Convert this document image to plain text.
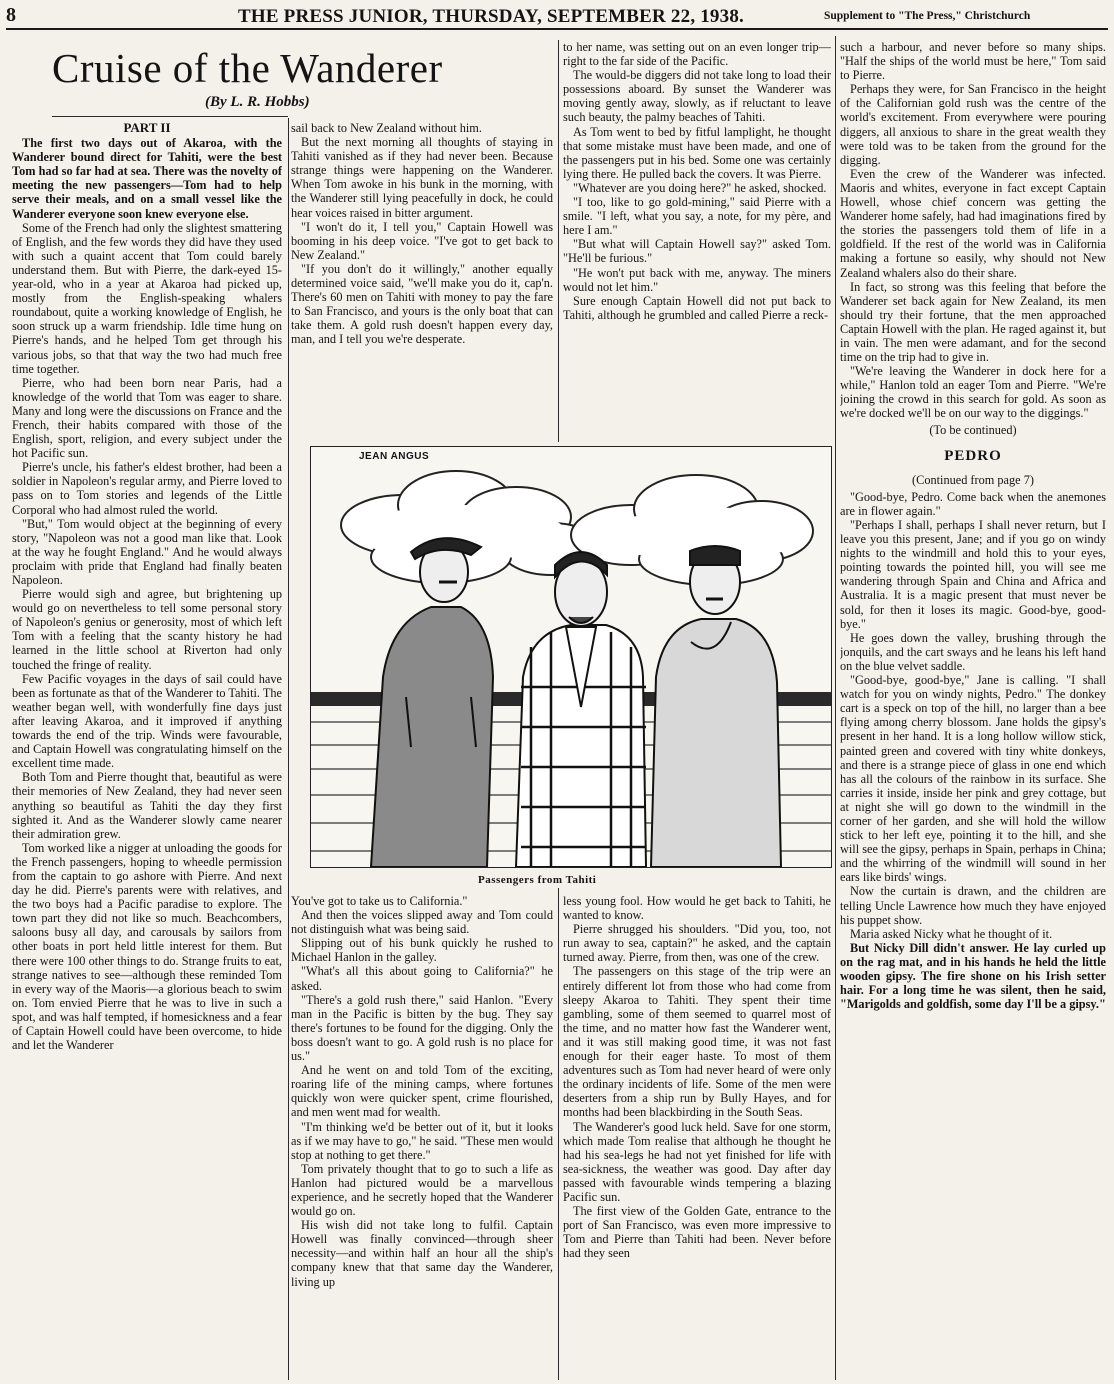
8	THE PRESS JUNIOR, THURSDAY, SEPTEMBER 22, 1938.	Supplement to "The Press," Christchurch
Cruise of the Wanderer
(By L. R. Hobbs)
PART II

The first two days out of Akaroa, with the Wanderer bound direct for Tahiti, were the best Tom had so far had at sea. There was the novelty of meeting the new passengers—Tom had to help serve their meals, and on a small vessel like the Wanderer everyone soon knew everyone else.

Some of the French had only the slightest smattering of English, and the few words they did have they used with such a quaint accent that Tom could barely understand them. But with Pierre, the dark-eyed 15-year-old, who in a year at Akaroa had picked up, mostly from the English-speaking whalers roundabout, quite a working knowledge of English, he soon struck up a warm friendship. Idle time hung on Pierre's hands, and he helped Tom get through his various jobs, so that that way the two had much free time together.

Pierre, who had been born near Paris, had a knowledge of the world that Tom was eager to share. Many and long were the discussions on France and the French, their habits compared with those of the English, sport, religion, and every subject under the hot Pacific sun.

Pierre's uncle, his father's eldest brother, had been a soldier in Napoleon's regular army, and Pierre loved to pass on to Tom stories and legends of the Little Corporal who had almost ruled the world.

"But," Tom would object at the beginning of every story, "Napoleon was not a good man like that. Look at the way he fought England." And he would always proclaim with pride that England had finally beaten Napoleon.

Pierre would sigh and agree, but brightening up would go on nevertheless to tell some personal story of Napoleon's genius or generosity, most of which left Tom with a feeling that the scanty history he had learned in the little school at Riverton had only touched the fringe of reality.

Few Pacific voyages in the days of sail could have been as fortunate as that of the Wanderer to Tahiti. The weather began well, with wonderfully fine days just after leaving Akaroa, and it improved if anything towards the end of the trip. Winds were favourable, and Captain Howell was congratulating himself on the excellent time made.

Both Tom and Pierre thought that, beautiful as were their memories of New Zealand, they had never seen anything so beautiful as Tahiti the day they first sighted it. And as the Wanderer slowly came nearer their admiration grew.

Tom worked like a nigger at unloading the goods for the French passengers, hoping to wheedle permission from the captain to go ashore with Pierre. And next day he did. Pierre's parents were with relatives, and the two boys had a Pacific paradise to explore. The town part they did not like so much. Beachcombers, saloons busy all day, and carousals by sailors from other boats in port held little interest for them. But there were 100 other things to do. Strange fruits to eat, strange natives to see—although these reminded Tom in every way of the Maoris—a glorious beach to swim on. Tom envied Pierre that he was to live in such a spot, and was half tempted, if homesickness and a fear of Captain Howell could have been overcome, to hide and let the Wanderer

sail back to New Zealand without him.

But the next morning all thoughts of staying in Tahiti vanished as if they had never been. Because strange things were happening on the Wanderer. When Tom awoke in his bunk in the morning, with the Wanderer still lying peacefully in dock, he could hear voices raised in bitter argument.

"I won't do it, I tell you," Captain Howell was booming in his deep voice. "I've got to get back to New Zealand."

"If you don't do it willingly," another equally determined voice said, "we'll make you do it, cap'n. There's 60 men on Tahiti with money to pay the fare to San Francisco, and yours is the only boat that can take them. A gold rush doesn't happen every day, man, and I tell you we're desperate.

to her name, was setting out on an even longer trip—right to the far side of the Pacific.

The would-be diggers did not take long to load their possessions aboard. By sunset the Wanderer was moving gently away, slowly, as if reluctant to leave such beauty, the palmy beaches of Tahiti.

As Tom went to bed by fitful lamplight, he thought that some mistake must have been made, and one of the passengers put in his bed. Some one was certainly lying there. He pulled back the covers. It was Pierre.

"Whatever are you doing here?" he asked, shocked.

"I too, like to go gold-mining," said Pierre with a smile. "I left, what you say, a note, for my père, and here I am."

"But what will Captain Howell say?" asked Tom. "He'll be furious."

"He won't put back with me, anyway. The miners would not let him."

Sure enough Captain Howell did not put back to Tahiti, although he grumbled and called Pierre a reck-

JEAN ANGUS
Passengers from Tahiti

You've got to take us to California."

And then the voices slipped away and Tom could not distinguish what was being said.

Slipping out of his bunk quickly he rushed to Michael Hanlon in the galley.

"What's all this about going to California?" he asked.

"There's a gold rush there," said Hanlon. "Every man in the Pacific is bitten by the bug. They say there's fortunes to be found for the digging. Only the boss doesn't want to go. A gold rush is no place for us."

And he went on and told Tom of the exciting, roaring life of the mining camps, where fortunes quickly won were quicker spent, crime flourished, and men went mad for wealth.

"I'm thinking we'd be better out of it, but it looks as if we may have to go," he said. "These men would stop at nothing to get there."

Tom privately thought that to go to such a life as Hanlon had pictured would be a marvellous experience, and he secretly hoped that the Wanderer would go on.

His wish did not take long to fulfil. Captain Howell was finally convinced—through sheer necessity—and within half an hour all the ship's company knew that that same day the Wanderer, living up

less young fool. How would he get back to Tahiti, he wanted to know.

Pierre shrugged his shoulders. "Did you, too, not run away to sea, captain?" he asked, and the captain turned away. Pierre, from then, was one of the crew.

The passengers on this stage of the trip were an entirely different lot from those who had come from sleepy Akaroa to Tahiti. They spent their time gambling, some of them seemed to quarrel most of the time, and no matter how fast the Wanderer went, and it was still making good time, it was not fast enough for their eager haste. To most of them adventures such as Tom had never heard of were only the ordinary incidents of life. Some of the men were deserters from a ship run by Bully Hayes, and for months had been blackbirding in the South Seas.

The Wanderer's good luck held. Save for one storm, which made Tom realise that although he thought he had his sea-legs he had not yet finished for life with sea-sickness, the weather was good. Day after day passed with favourable winds tempering a blazing Pacific sun.

The first view of the Golden Gate, entrance to the port of San Francisco, was even more impressive to Tom and Pierre than Tahiti had been. Never before had they seen

such a harbour, and never before so many ships. "Half the ships of the world must be here," Tom said to Pierre.

Perhaps they were, for San Francisco in the height of the Californian gold rush was the centre of the world's excitement. From everywhere were pouring diggers, all anxious to share in the great wealth they were told was to be taken from the ground for the digging.

Even the crew of the Wanderer was infected. Maoris and whites, everyone in fact except Captain Howell, whose chief concern was getting the Wanderer home safely, had had imaginations fired by the stories the passengers told them of life in a goldfield. If the rest of the world was in California making a fortune so easily, why should not New Zealand whalers also do their share.

In fact, so strong was this feeling that before the Wanderer set back again for New Zealand, its men should try their fortune, that the men approached Captain Howell with the plan. He raged against it, but in vain. The men were adamant, and for the second time on the trip had to give in.

"We're leaving the Wanderer in dock here for a while," Hanlon told an eager Tom and Pierre. "We're joining the crowd in this search for gold. As soon as we're docked we'll be on our way to the diggings."

(To be continued)
PEDRO
(Continued from page 7)

"Good-bye, Pedro. Come back when the anemones are in flower again."

"Perhaps I shall, perhaps I shall never return, but I leave you this present, Jane; and if you go on windy nights to the windmill and hold this to your eyes, pointing towards the pointed hill, you will see me wandering through Spain and China and Africa and Australia. It is a magic present that must never be sold, for then it loses its magic. Good-bye, good-bye."

He goes down the valley, brushing through the jonquils, and the cart sways and he leans his left hand on the blue velvet saddle.

"Good-bye, good-bye," Jane is calling. "I shall watch for you on windy nights, Pedro." The donkey cart is a speck on top of the hill, no larger than a bee flying among cherry blossom. Jane holds the gipsy's present in her hand. It is a long hollow willow stick, painted green and covered with tiny white donkeys, and there is a strange piece of glass in one end which has all the colours of the rainbow in its surface. She carries it inside, inside her pink and grey cottage, but at night she will go down to the windmill in the corner of her garden, and she will hold the willow stick to her left eye, pointing it to the hill, and she will see the gipsy, perhaps in Spain, perhaps in China; and the whirring of the windmill will sound in her ears like birds' wings.

Now the curtain is drawn, and the children are telling Uncle Lawrence how much they have enjoyed his puppet show.

Maria asked Nicky what he thought of it.

But Nicky Dill didn't answer. He lay curled up on the rag mat, and in his hands he held the little wooden gipsy. The fire shone on his Irish setter hair. For a long time he was silent, then he said, "Marigolds and goldfish, some day I'll be a gipsy."
